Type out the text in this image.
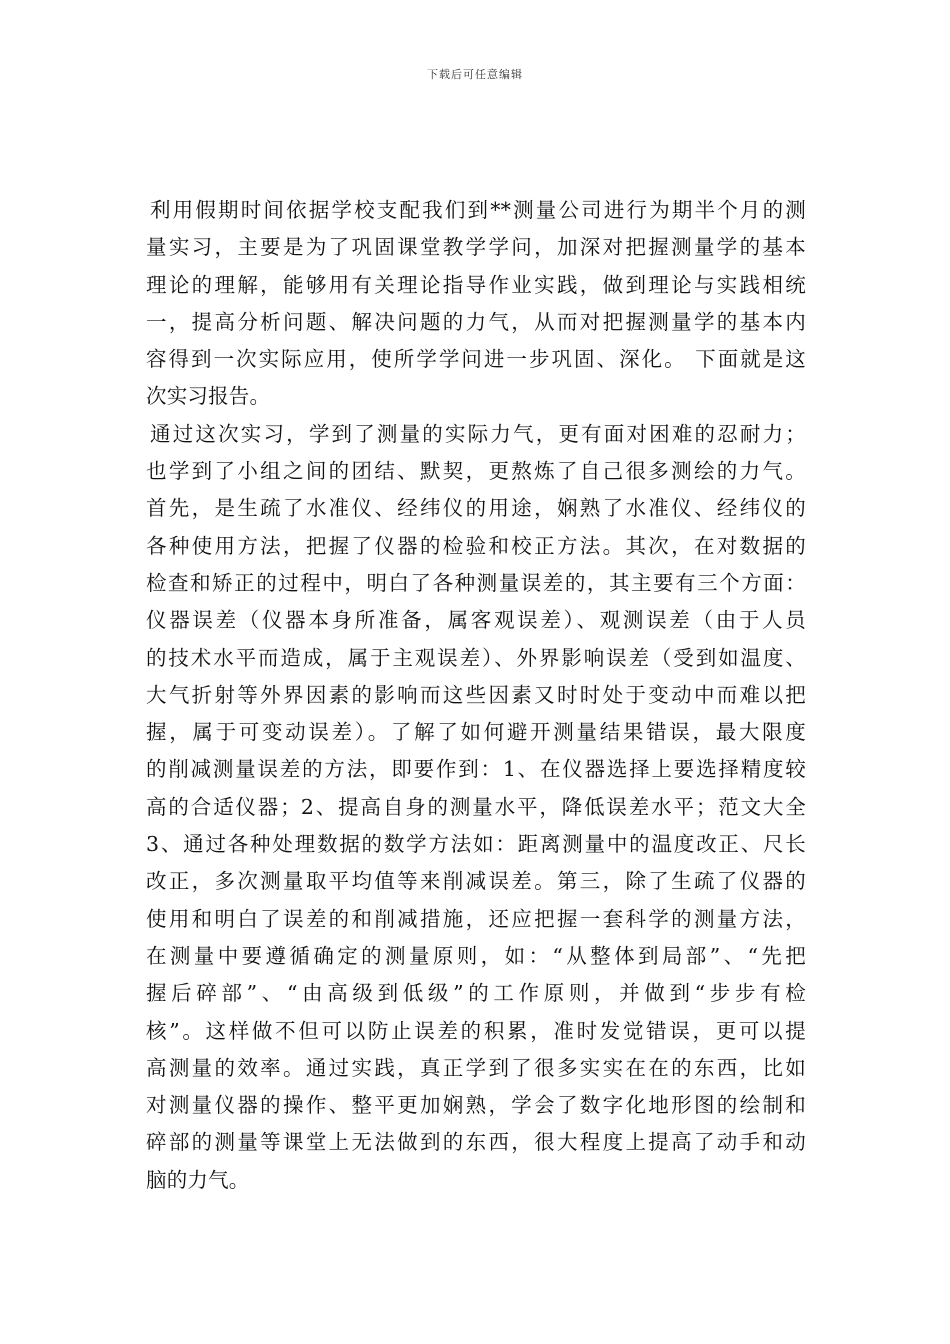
下载后可任意编辑
利用假期时间依据学校支配我们到**测量公司进行为期半个月的测
量实习，主要是为了巩固课堂教学学问，加深对把握测量学的基本
理论的理解，能够用有关理论指导作业实践，做到理论与实践相统
一，提高分析问题、解决问题的力气，从而对把握测量学的基本内
容得到一次实际应用，使所学学问进一步巩固、深化。 下面就是这
次实习报告。
通过这次实习，学到了测量的实际力气，更有面对困难的忍耐力；
也学到了小组之间的团结、默契，更熬炼了自己很多测绘的力气。
首先，是生疏了水准仪、经纬仪的用途，娴熟了水准仪、经纬仪的
各种使用方法，把握了仪器的检验和校正方法。其次，在对数据的
检查和矫正的过程中，明白了各种测量误差的，其主要有三个方面：
仪器误差（仪器本身所准备，属客观误差）、观测误差（由于人员
的技术水平而造成，属于主观误差）、外界影响误差（受到如温度、
大气折射等外界因素的影响而这些因素又时时处于变动中而难以把
握，属于可变动误差）。了解了如何避开测量结果错误，最大限度
的削减测量误差的方法，即要作到：1、在仪器选择上要选择精度较
高的合适仪器；2、提高自身的测量水平，降低误差水平；范文大全
3、通过各种处理数据的数学方法如：距离测量中的温度改正、尺长
改正，多次测量取平均值等来削减误差。第三，除了生疏了仪器的
使用和明白了误差的和削减措施，还应把握一套科学的测量方法，
在测量中要遵循确定的测量原则，如：“从整体到局部”、“先把
握后碎部”、“由高级到低级”的工作原则，并做到“步步有检
核”。这样做不但可以防止误差的积累，准时发觉错误，更可以提
高测量的效率。通过实践，真正学到了很多实实在在的东西，比如
对测量仪器的操作、整平更加娴熟，学会了数字化地形图的绘制和
碎部的测量等课堂上无法做到的东西，很大程度上提高了动手和动
脑的力气。
